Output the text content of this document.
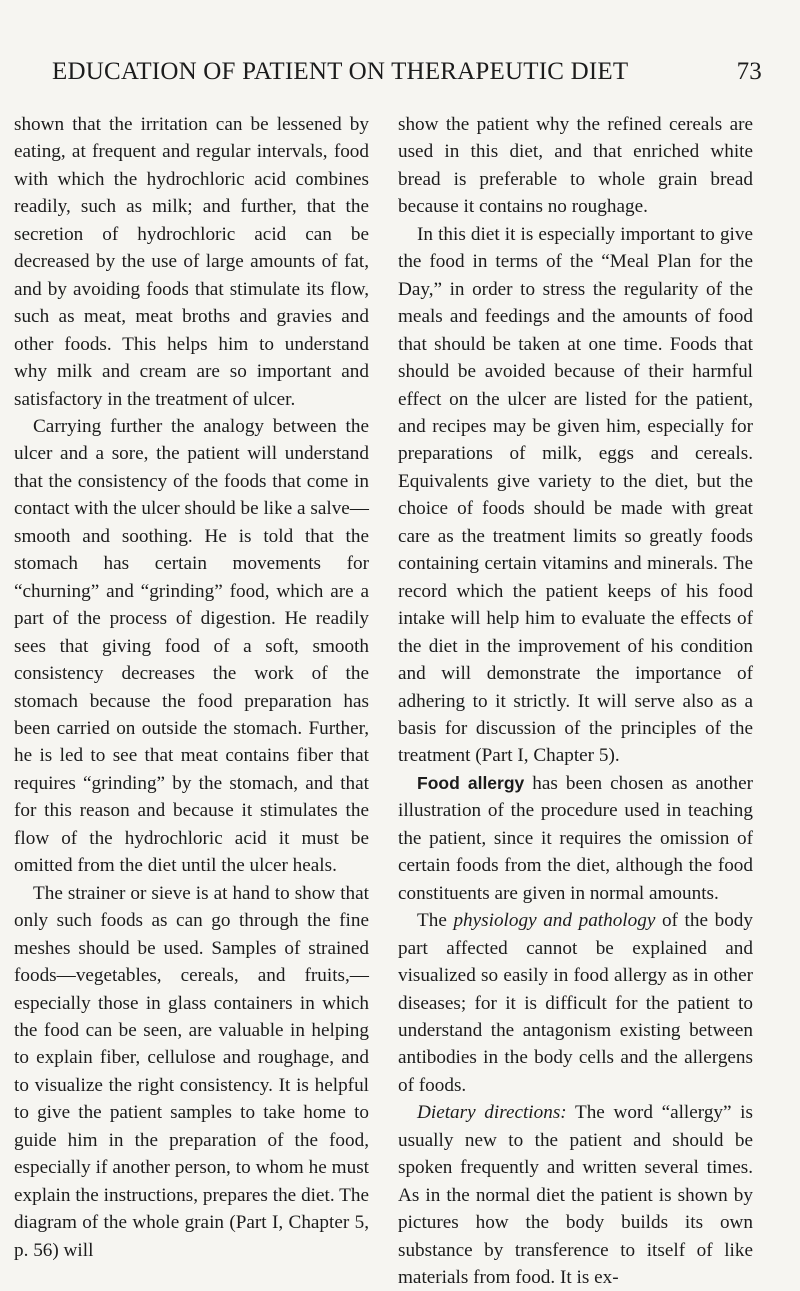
EDUCATION OF PATIENT ON THERAPEUTIC DIET	73

shown that the irritation can be lessened by eating, at frequent and regular intervals, food with which the hydrochloric acid combines readily, such as milk; and further, that the secretion of hydrochloric acid can be decreased by the use of large amounts of fat, and by avoiding foods that stimulate its flow, such as meat, meat broths and gravies and other foods. This helps him to understand why milk and cream are so important and satisfactory in the treatment of ulcer.

Carrying further the analogy between the ulcer and a sore, the patient will understand that the consistency of the foods that come in contact with the ulcer should be like a salve—smooth and soothing. He is told that the stomach has certain movements for “churning” and “grinding” food, which are a part of the process of digestion. He readily sees that giving food of a soft, smooth consistency decreases the work of the stomach because the food preparation has been carried on outside the stomach. Further, he is led to see that meat contains fiber that requires “grinding” by the stomach, and that for this reason and because it stimulates the flow of the hydrochloric acid it must be omitted from the diet until the ulcer heals.

The strainer or sieve is at hand to show that only such foods as can go through the fine meshes should be used. Samples of strained foods—vegetables, cereals, and fruits,—especially those in glass containers in which the food can be seen, are valuable in helping to explain fiber, cellulose and roughage, and to visualize the right consistency. It is helpful to give the patient samples to take home to guide him in the preparation of the food, especially if another person, to whom he must explain the instructions, prepares the diet. The diagram of the whole grain (Part I, Chapter 5, p. 56) will

show the patient why the refined cereals are used in this diet, and that enriched white bread is preferable to whole grain bread because it contains no roughage.

In this diet it is especially important to give the food in terms of the “Meal Plan for the Day,” in order to stress the regularity of the meals and feedings and the amounts of food that should be taken at one time. Foods that should be avoided because of their harmful effect on the ulcer are listed for the patient, and recipes may be given him, especially for preparations of milk, eggs and cereals. Equivalents give variety to the diet, but the choice of foods should be made with great care as the treatment limits so greatly foods containing certain vitamins and minerals. The record which the patient keeps of his food intake will help him to evaluate the effects of the diet in the improvement of his condition and will demonstrate the importance of adhering to it strictly. It will serve also as a basis for discussion of the principles of the treatment (Part I, Chapter 5).

Food allergy has been chosen as another illustration of the procedure used in teaching the patient, since it requires the omission of certain foods from the diet, although the food constituents are given in normal amounts.

The physiology and pathology of the body part affected cannot be explained and visualized so easily in food allergy as in other diseases; for it is difficult for the patient to understand the antagonism existing between antibodies in the body cells and the allergens of foods.

Dietary directions: The word “allergy” is usually new to the patient and should be spoken frequently and written several times. As in the normal diet the patient is shown by pictures how the body builds its own substance by transference to itself of like materials from food. It is ex-
